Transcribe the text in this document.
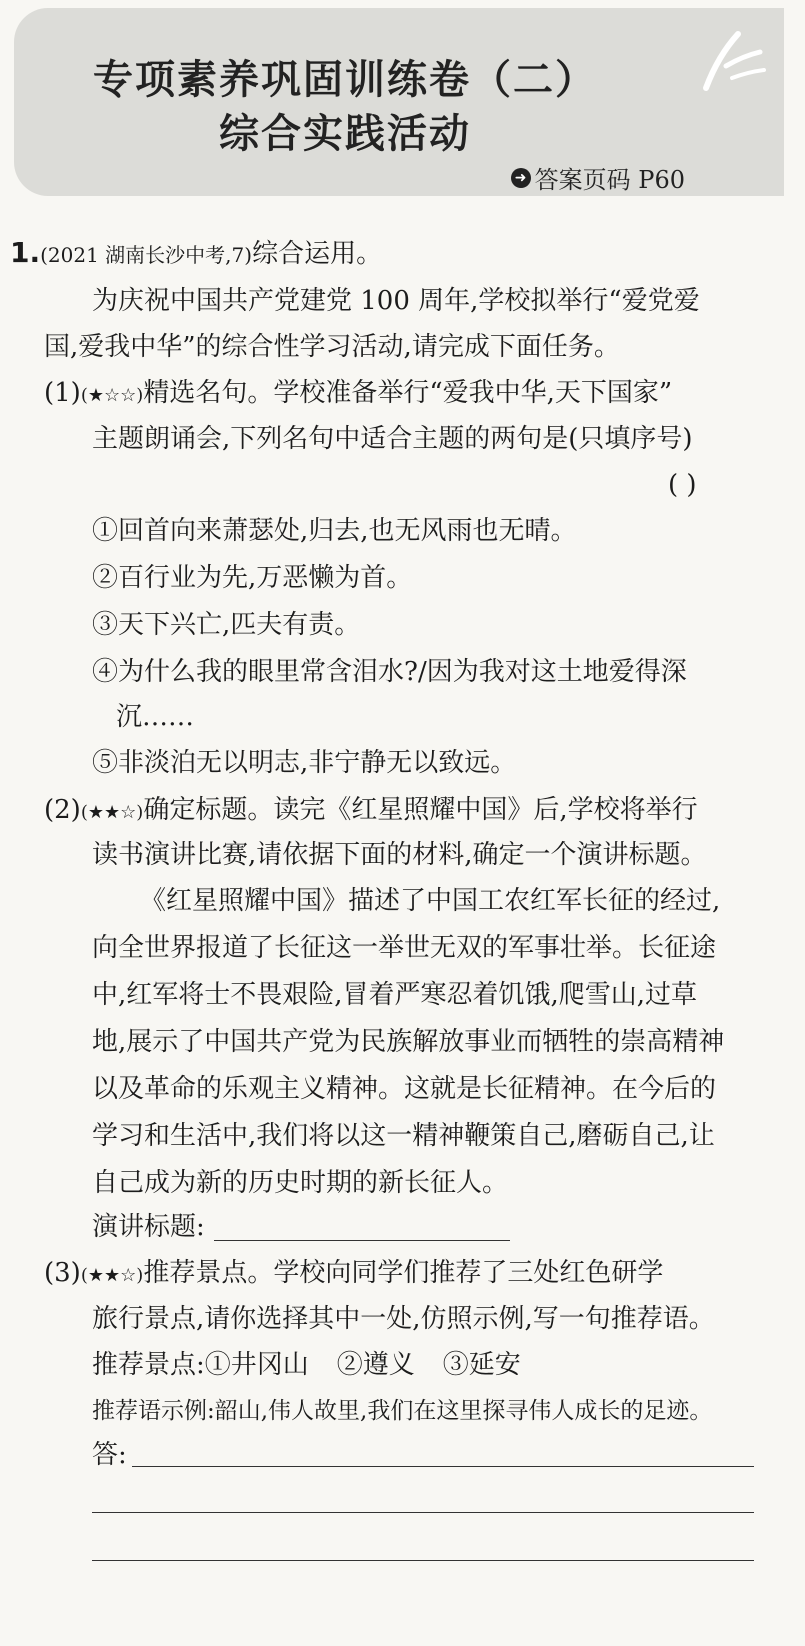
专项素养巩固训练卷（二）
综合实践活动
➜ 答案页码 P60
1.(2021 湖南长沙中考,7)综合运用。
为庆祝中国共产党建党 100 周年,学校拟举行“爱党爱
国,爱我中华”的综合性学习活动,请完成下面任务。
(1)(★☆☆)精选名句。学校准备举行“爱我中华,天下国家”
主题朗诵会,下列名句中适合主题的两句是(只填序号)
( )
①回首向来萧瑟处,归去,也无风雨也无晴。
②百行业为先,万恶懒为首。
③天下兴亡,匹夫有责。
④为什么我的眼里常含泪水?/因为我对这土地爱得深
沉……
⑤非淡泊无以明志,非宁静无以致远。
(2)(★★☆)确定标题。读完《红星照耀中国》后,学校将举行
读书演讲比赛,请依据下面的材料,确定一个演讲标题。
《红星照耀中国》描述了中国工农红军长征的经过,
向全世界报道了长征这一举世无双的军事壮举。长征途
中,红军将士不畏艰险,冒着严寒忍着饥饿,爬雪山,过草
地,展示了中国共产党为民族解放事业而牺牲的崇高精神
以及革命的乐观主义精神。这就是长征精神。在今后的
学习和生活中,我们将以这一精神鞭策自己,磨砺自己,让
自己成为新的历史时期的新长征人。
演讲标题:
(3)(★★☆)推荐景点。学校向同学们推荐了三处红色研学
旅行景点,请你选择其中一处,仿照示例,写一句推荐语。
推荐景点:①井冈山 ②遵义 ③延安
推荐语示例:韶山,伟人故里,我们在这里探寻伟人成长的足迹。
答:
